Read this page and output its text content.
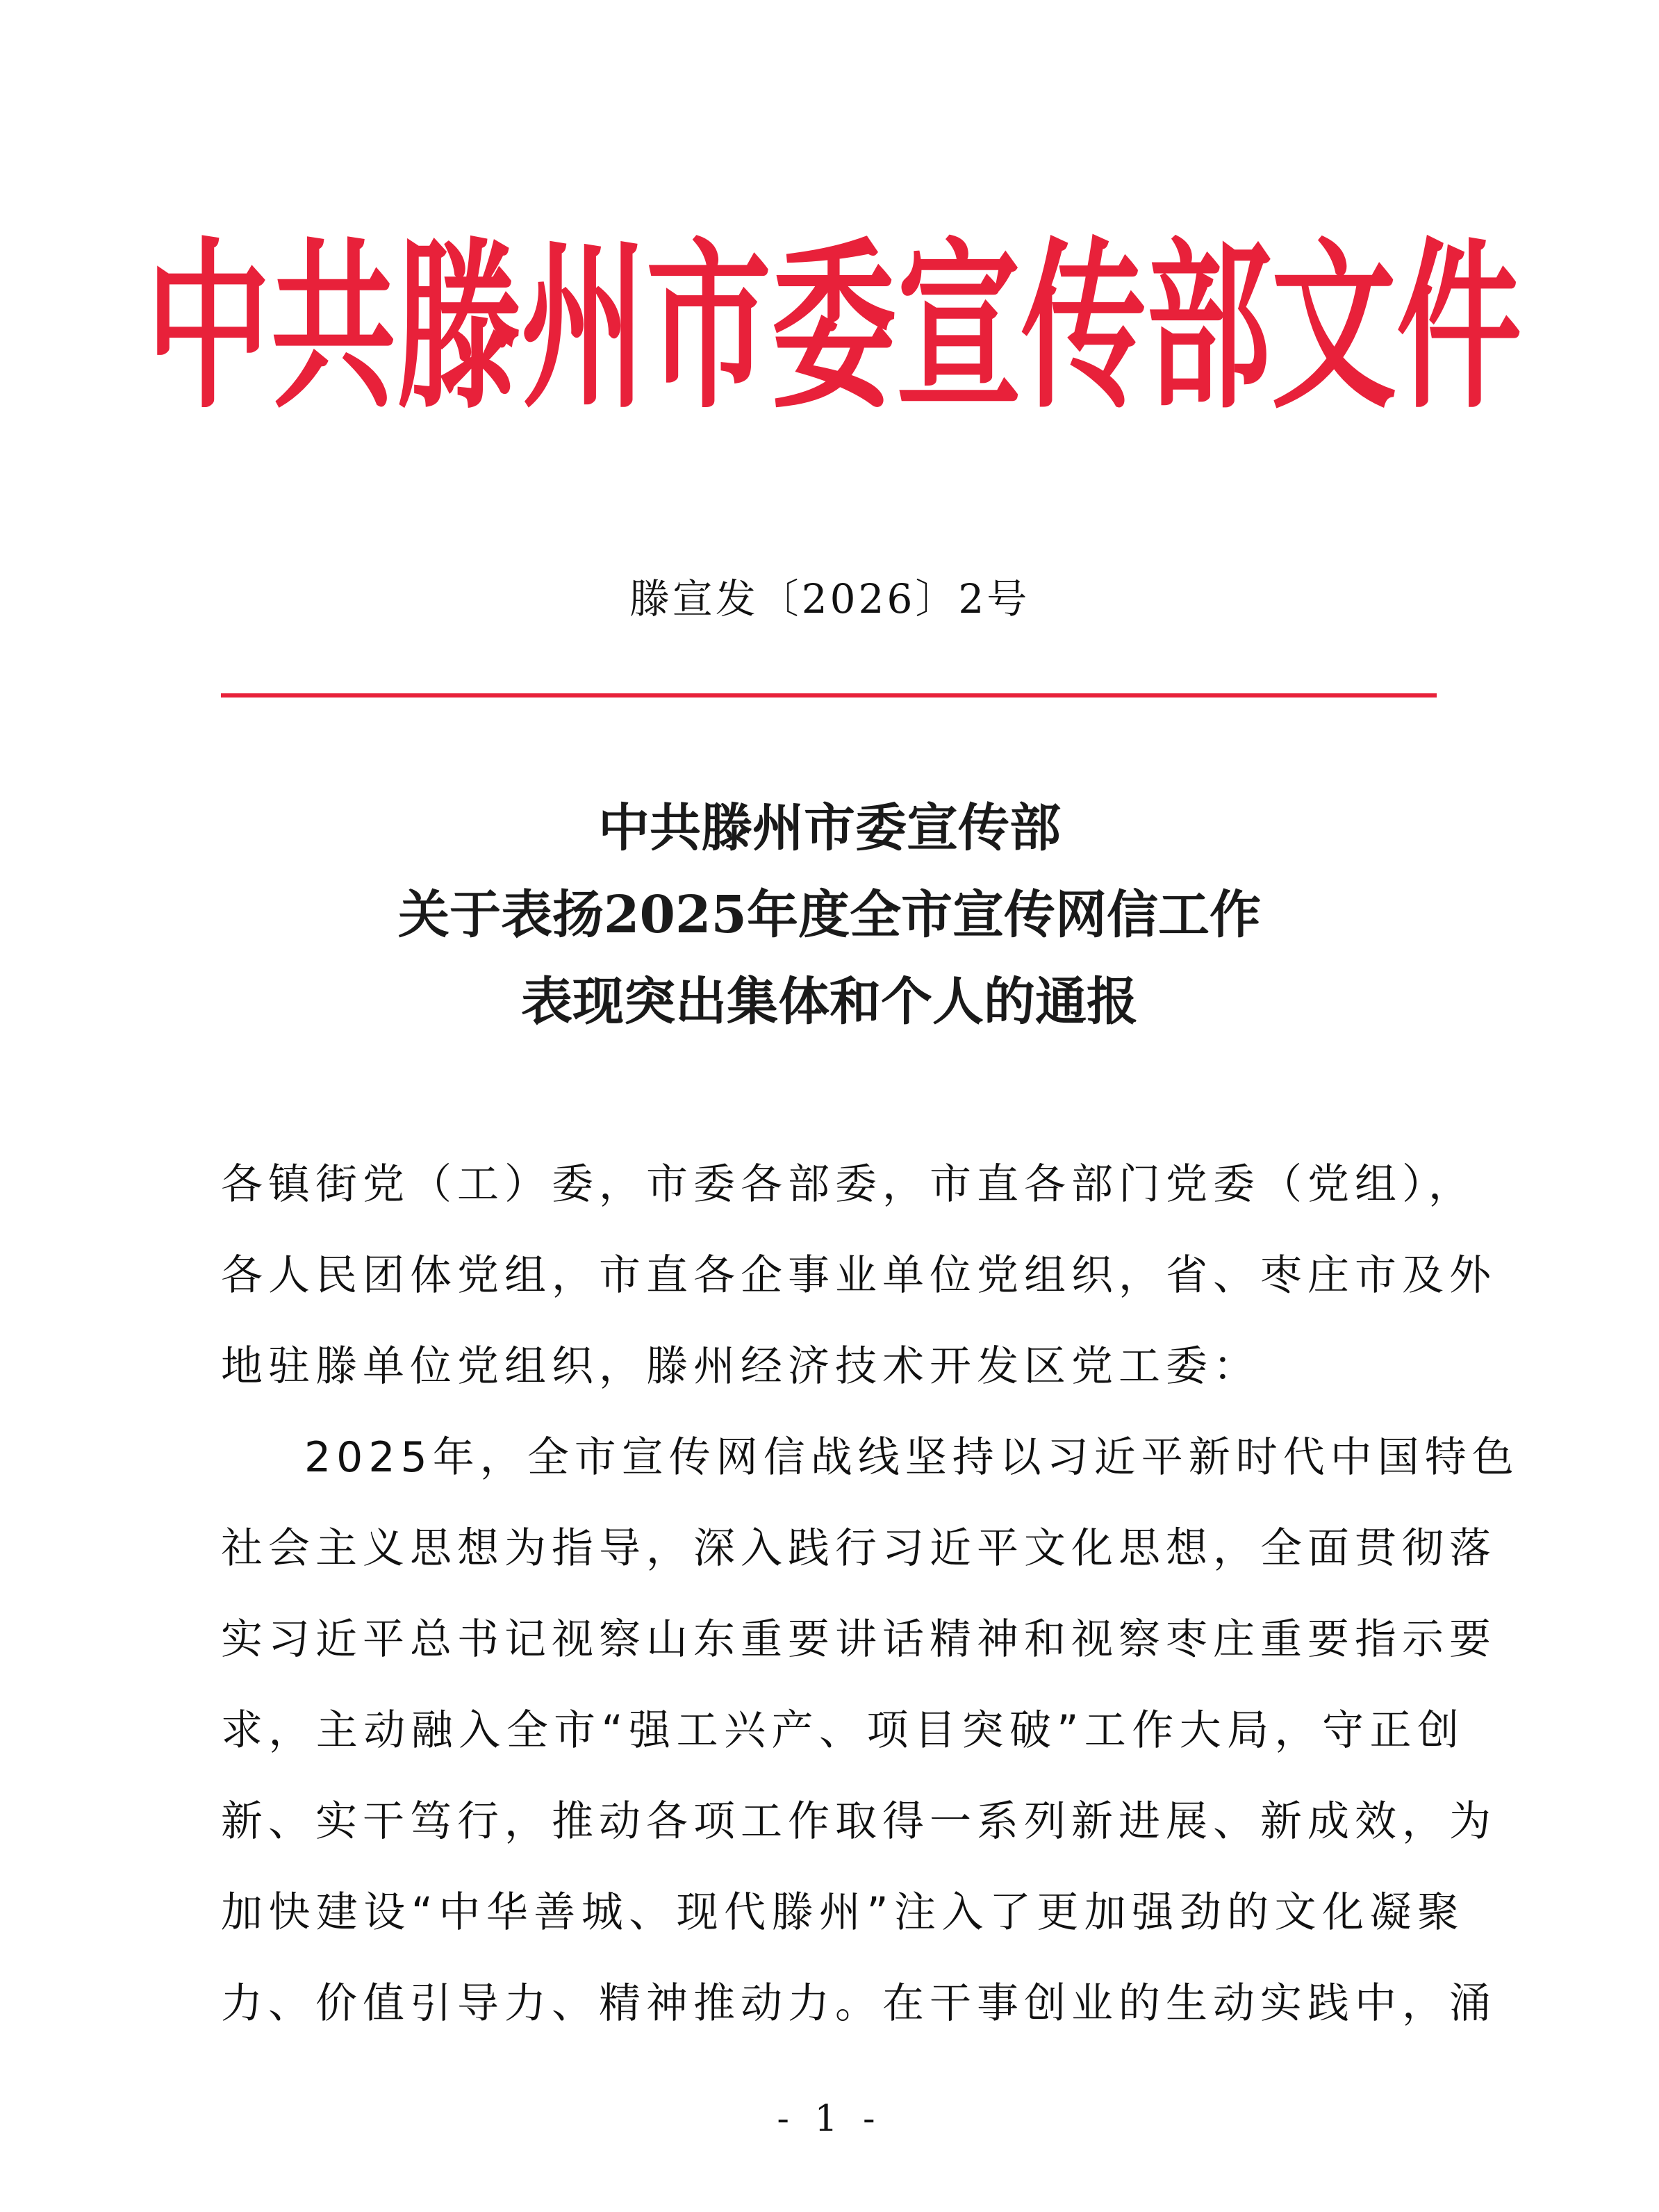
中共滕州市委宣传部文件
滕宣发〔2026〕2号
中共滕州市委宣传部
关于表扬2025年度全市宣传网信工作
表现突出集体和个人的通报
各镇街党（工）委，市委各部委，市直各部门党委（党组），
各人民团体党组，市直各企事业单位党组织，省、枣庄市及外
地驻滕单位党组织，滕州经济技术开发区党工委：
2025年，全市宣传网信战线坚持以习近平新时代中国特色
社会主义思想为指导，深入践行习近平文化思想，全面贯彻落
实习近平总书记视察山东重要讲话精神和视察枣庄重要指示要
求，主动融入全市“强工兴产、项目突破”工作大局，守正创
新、实干笃行，推动各项工作取得一系列新进展、新成效，为
加快建设“中华善城、现代滕州”注入了更加强劲的文化凝聚
力、价值引导力、精神推动力。在干事创业的生动实践中，涌
- 1 -
